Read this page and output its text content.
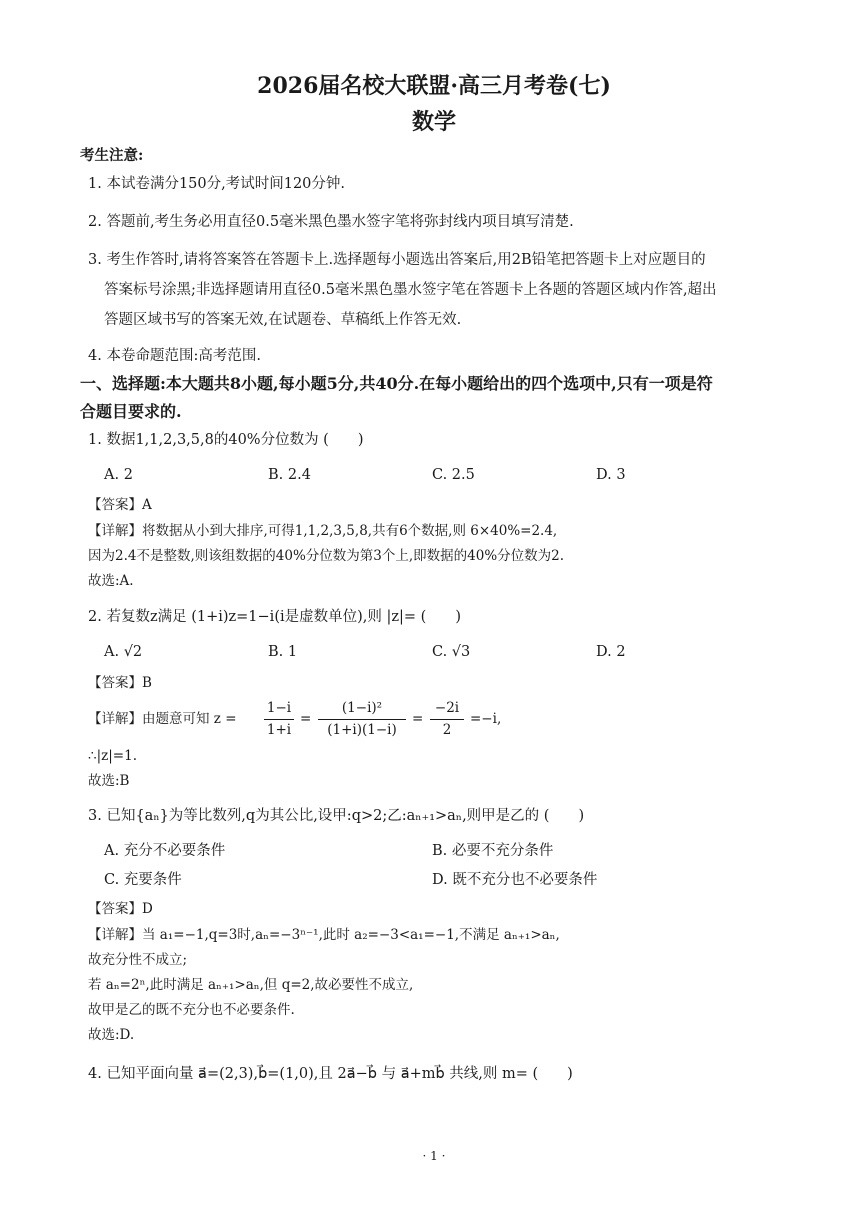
2026届名校大联盟·高三月考卷(七)
数学
考生注意:
1. 本试卷满分150分,考试时间120分钟.
2. 答题前,考生务必用直径0.5毫米黑色墨水签字笔将弥封线内项目填写清楚.
3. 考生作答时,请将答案答在答题卡上.选择题每小题选出答案后,用2B铅笔把答题卡上对应题目的
答案标号涂黑;非选择题请用直径0.5毫米黑色墨水签字笔在答题卡上各题的答题区域内作答,超出
答题区域书写的答案无效,在试题卷、草稿纸上作答无效.
4. 本卷命题范围:高考范围.
一、选择题:本大题共8小题,每小题5分,共40分.在每小题给出的四个选项中,只有一项是符
合题目要求的.
1. 数据1,1,2,3,5,8的40%分位数为 (　　)
A. 2	B. 2.4	C. 2.5	D. 3
【答案】A
【详解】将数据从小到大排序,可得1,1,2,3,5,8,共有6个数据,则 6×40%=2.4,
因为2.4不是整数,则该组数据的40%分位数为第3个上,即数据的40%分位数为2.
故选:A.
2. 若复数z满足 (1+i)z=1−i(i是虚数单位),则 |z|= (　　)
A. √2	B. 1	C. √3	D. 2
【答案】B
【详解】由题意可知 z =
1−i
1+i
=
(1−i)²
(1+i)(1−i)
=
−2i
2
=−i,
∴|z|=1.
故选:B
3. 已知{aₙ}为等比数列,q为其公比,设甲:q>2;乙:aₙ₊₁>aₙ,则甲是乙的 (　　)
A. 充分不必要条件	B. 必要不充分条件
C. 充要条件	D. 既不充分也不必要条件
【答案】D
【详解】当 a₁=−1,q=3时,aₙ=−3ⁿ⁻¹,此时 a₂=−3<a₁=−1,不满足 aₙ₊₁>aₙ,
故充分性不成立;
若 aₙ=2ⁿ,此时满足 aₙ₊₁>aₙ,但 q=2,故必要性不成立,
故甲是乙的既不充分也不必要条件.
故选:D.
4. 已知平面向量 a⃗=(2,3),b⃗=(1,0),且 2a⃗−b⃗ 与 a⃗+mb⃗ 共线,则 m= (　　)
· 1 ·
